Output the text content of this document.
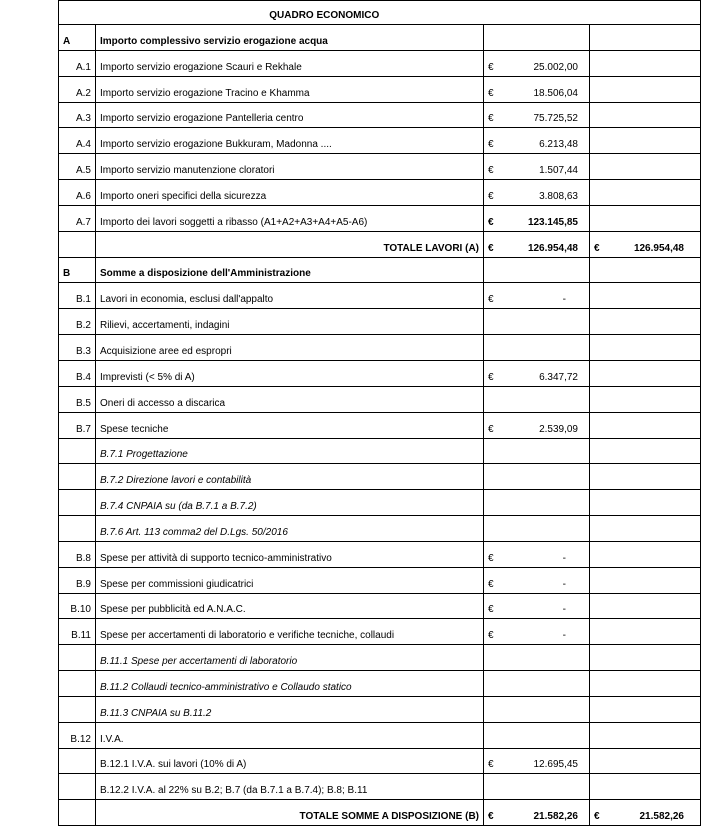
QUADRO ECONOMICO			
A	Importo complessivo servizio erogazione acqua		
A.1	Importo servizio erogazione Scauri e Rekhale	€ 25.002,00	
A.2	Importo servizio erogazione Tracino e Khamma	€ 18.506,04	
A.3	Importo servizio erogazione Pantelleria centro	€ 75.725,52	
A.4	Importo servizio erogazione Bukkuram, Madonna ....	€ 6.213,48	
A.5	Importo servizio manutenzione cloratori	€ 1.507,44	
A.6	Importo oneri specifici della sicurezza	€ 3.808,63	
A.7	Importo dei lavori soggetti a ribasso (A1+A2+A3+A4+A5-A6)	€ 123.145,85	
	TOTALE LAVORI (A)	€ 126.954,48	€ 126.954,48
B	Somme a disposizione dell'Amministrazione		
B.1	Lavori in economia, esclusi dall'appalto	€ -	
B.2	Rilievi, accertamenti, indagini		
B.3	Acquisizione aree ed espropri		
B.4	Imprevisti (< 5% di A)	€ 6.347,72	
B.5	Oneri di accesso a discarica		
B.7	Spese tecniche	€ 2.539,09	
	B.7.1 Progettazione		
	B.7.2 Direzione lavori e contabilità		
	B.7.4 CNPAIA su (da B.7.1 a B.7.2)		
	B.7.6 Art. 113 comma2 del D.Lgs. 50/2016		
B.8	Spese per attività di supporto tecnico-amministrativo	€ -	
B.9	Spese per commissioni giudicatrici	€ -	
B.10	Spese per pubblicità ed A.N.A.C.	€ -	
B.11	Spese per accertamenti di laboratorio e verifiche tecniche, collaudi	€ -	
	B.11.1 Spese per accertamenti di laboratorio		
	B.11.2 Collaudi tecnico-amministrativo e Collaudo statico		
	B.11.3 CNPAIA su B.11.2		
B.12	I.V.A.		
	B.12.1 I.V.A. sui lavori (10% di A)	€ 12.695,45	
	B.12.2 I.V.A. al 22% su B.2; B.7 (da B.7.1 a B.7.4); B.8; B.11		
	TOTALE SOMME A DISPOSIZIONE (B)	€ 21.582,26	€ 21.582,26
